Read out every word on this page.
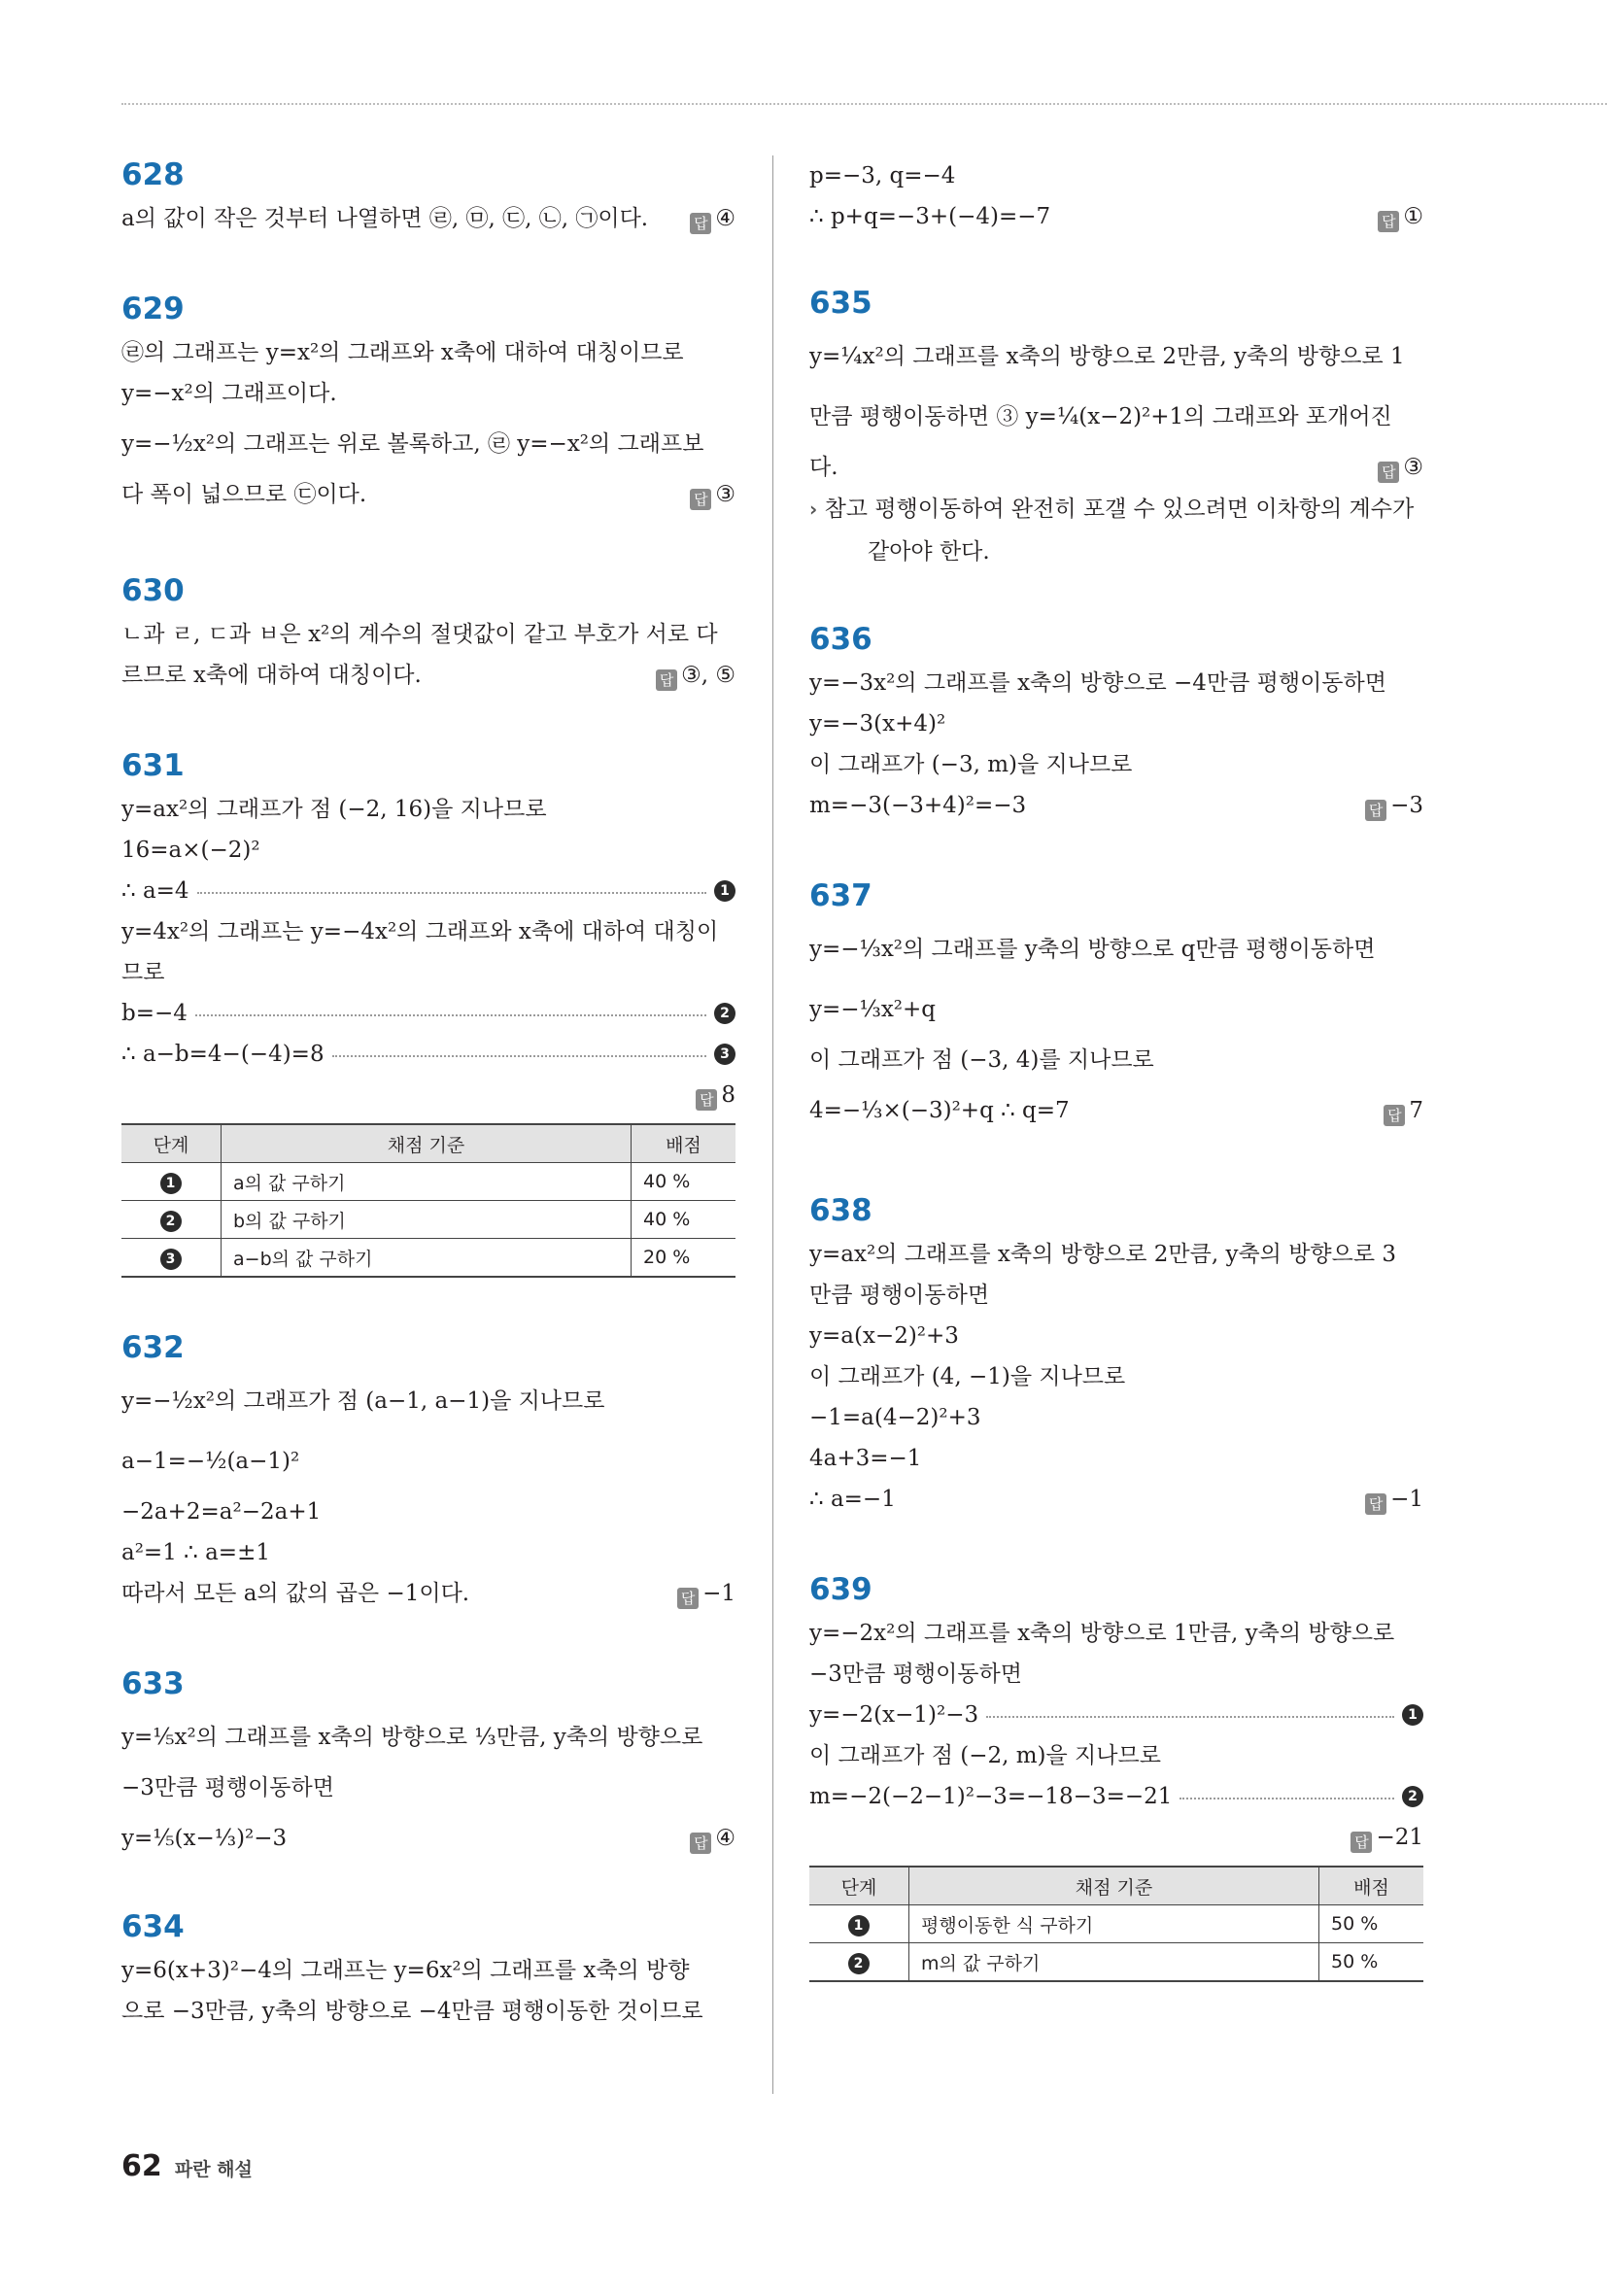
628
a의 값이 작은 것부터 나열하면 ㉣, ㉤, ㉢, ㉡, ㉠이다.	답 ④
629
㉣의 그래프는 y=x²의 그래프와 x축에 대하여 대칭이므로
y=−x²의 그래프이다.
y=−½x²의 그래프는 위로 볼록하고, ㉣ y=−x²의 그래프보
다 폭이 넓으므로 ㉢이다.	답 ③
630
ㄴ과 ㄹ, ㄷ과 ㅂ은 x²의 계수의 절댓값이 같고 부호가 서로 다
르므로 x축에 대하여 대칭이다.	답 ③, ⑤
631
y=ax²의 그래프가 점 (−2, 16)을 지나므로
16=a×(−2)²
∴ a=4	1
y=4x²의 그래프는 y=−4x²의 그래프와 x축에 대하여 대칭이
므로
b=−4	2
∴ a−b=4−(−4)=8	3
답 8
단계	채점 기준	배점
1	a의 값 구하기	40 %
2	b의 값 구하기	40 %
3	a−b의 값 구하기	20 %
632
y=−½x²의 그래프가 점 (a−1, a−1)을 지나므로
a−1=−½(a−1)²
−2a+2=a²−2a+1
a²=1 ∴ a=±1
따라서 모든 a의 값의 곱은 −1이다.	답 −1
633
y=⅕x²의 그래프를 x축의 방향으로 ⅓만큼, y축의 방향으로
−3만큼 평행이동하면
y=⅕(x−⅓)²−3	답 ④
634
y=6(x+3)²−4의 그래프는 y=6x²의 그래프를 x축의 방향
으로 −3만큼, y축의 방향으로 −4만큼 평행이동한 것이므로
p=−3, q=−4
∴ p+q=−3+(−4)=−7	답 ①
635
y=¼x²의 그래프를 x축의 방향으로 2만큼, y축의 방향으로 1
만큼 평행이동하면 ③ y=¼(x−2)²+1의 그래프와 포개어진
다.	답 ③
› 참고 평행이동하여 완전히 포갤 수 있으려면 이차항의 계수가
같아야 한다.
636
y=−3x²의 그래프를 x축의 방향으로 −4만큼 평행이동하면
y=−3(x+4)²
이 그래프가 (−3, m)을 지나므로
m=−3(−3+4)²=−3	답 −3
637
y=−⅓x²의 그래프를 y축의 방향으로 q만큼 평행이동하면
y=−⅓x²+q
이 그래프가 점 (−3, 4)를 지나므로
4=−⅓×(−3)²+q ∴ q=7	답 7
638
y=ax²의 그래프를 x축의 방향으로 2만큼, y축의 방향으로 3
만큼 평행이동하면
y=a(x−2)²+3
이 그래프가 (4, −1)을 지나므로
−1=a(4−2)²+3
4a+3=−1
∴ a=−1	답 −1
639
y=−2x²의 그래프를 x축의 방향으로 1만큼, y축의 방향으로
−3만큼 평행이동하면
y=−2(x−1)²−3	1
이 그래프가 점 (−2, m)을 지나므로
m=−2(−2−1)²−3=−18−3=−21	2
답 −21
단계	채점 기준	배점
1	평행이동한 식 구하기	50 %
2	m의 값 구하기	50 %
62 파란 해설
